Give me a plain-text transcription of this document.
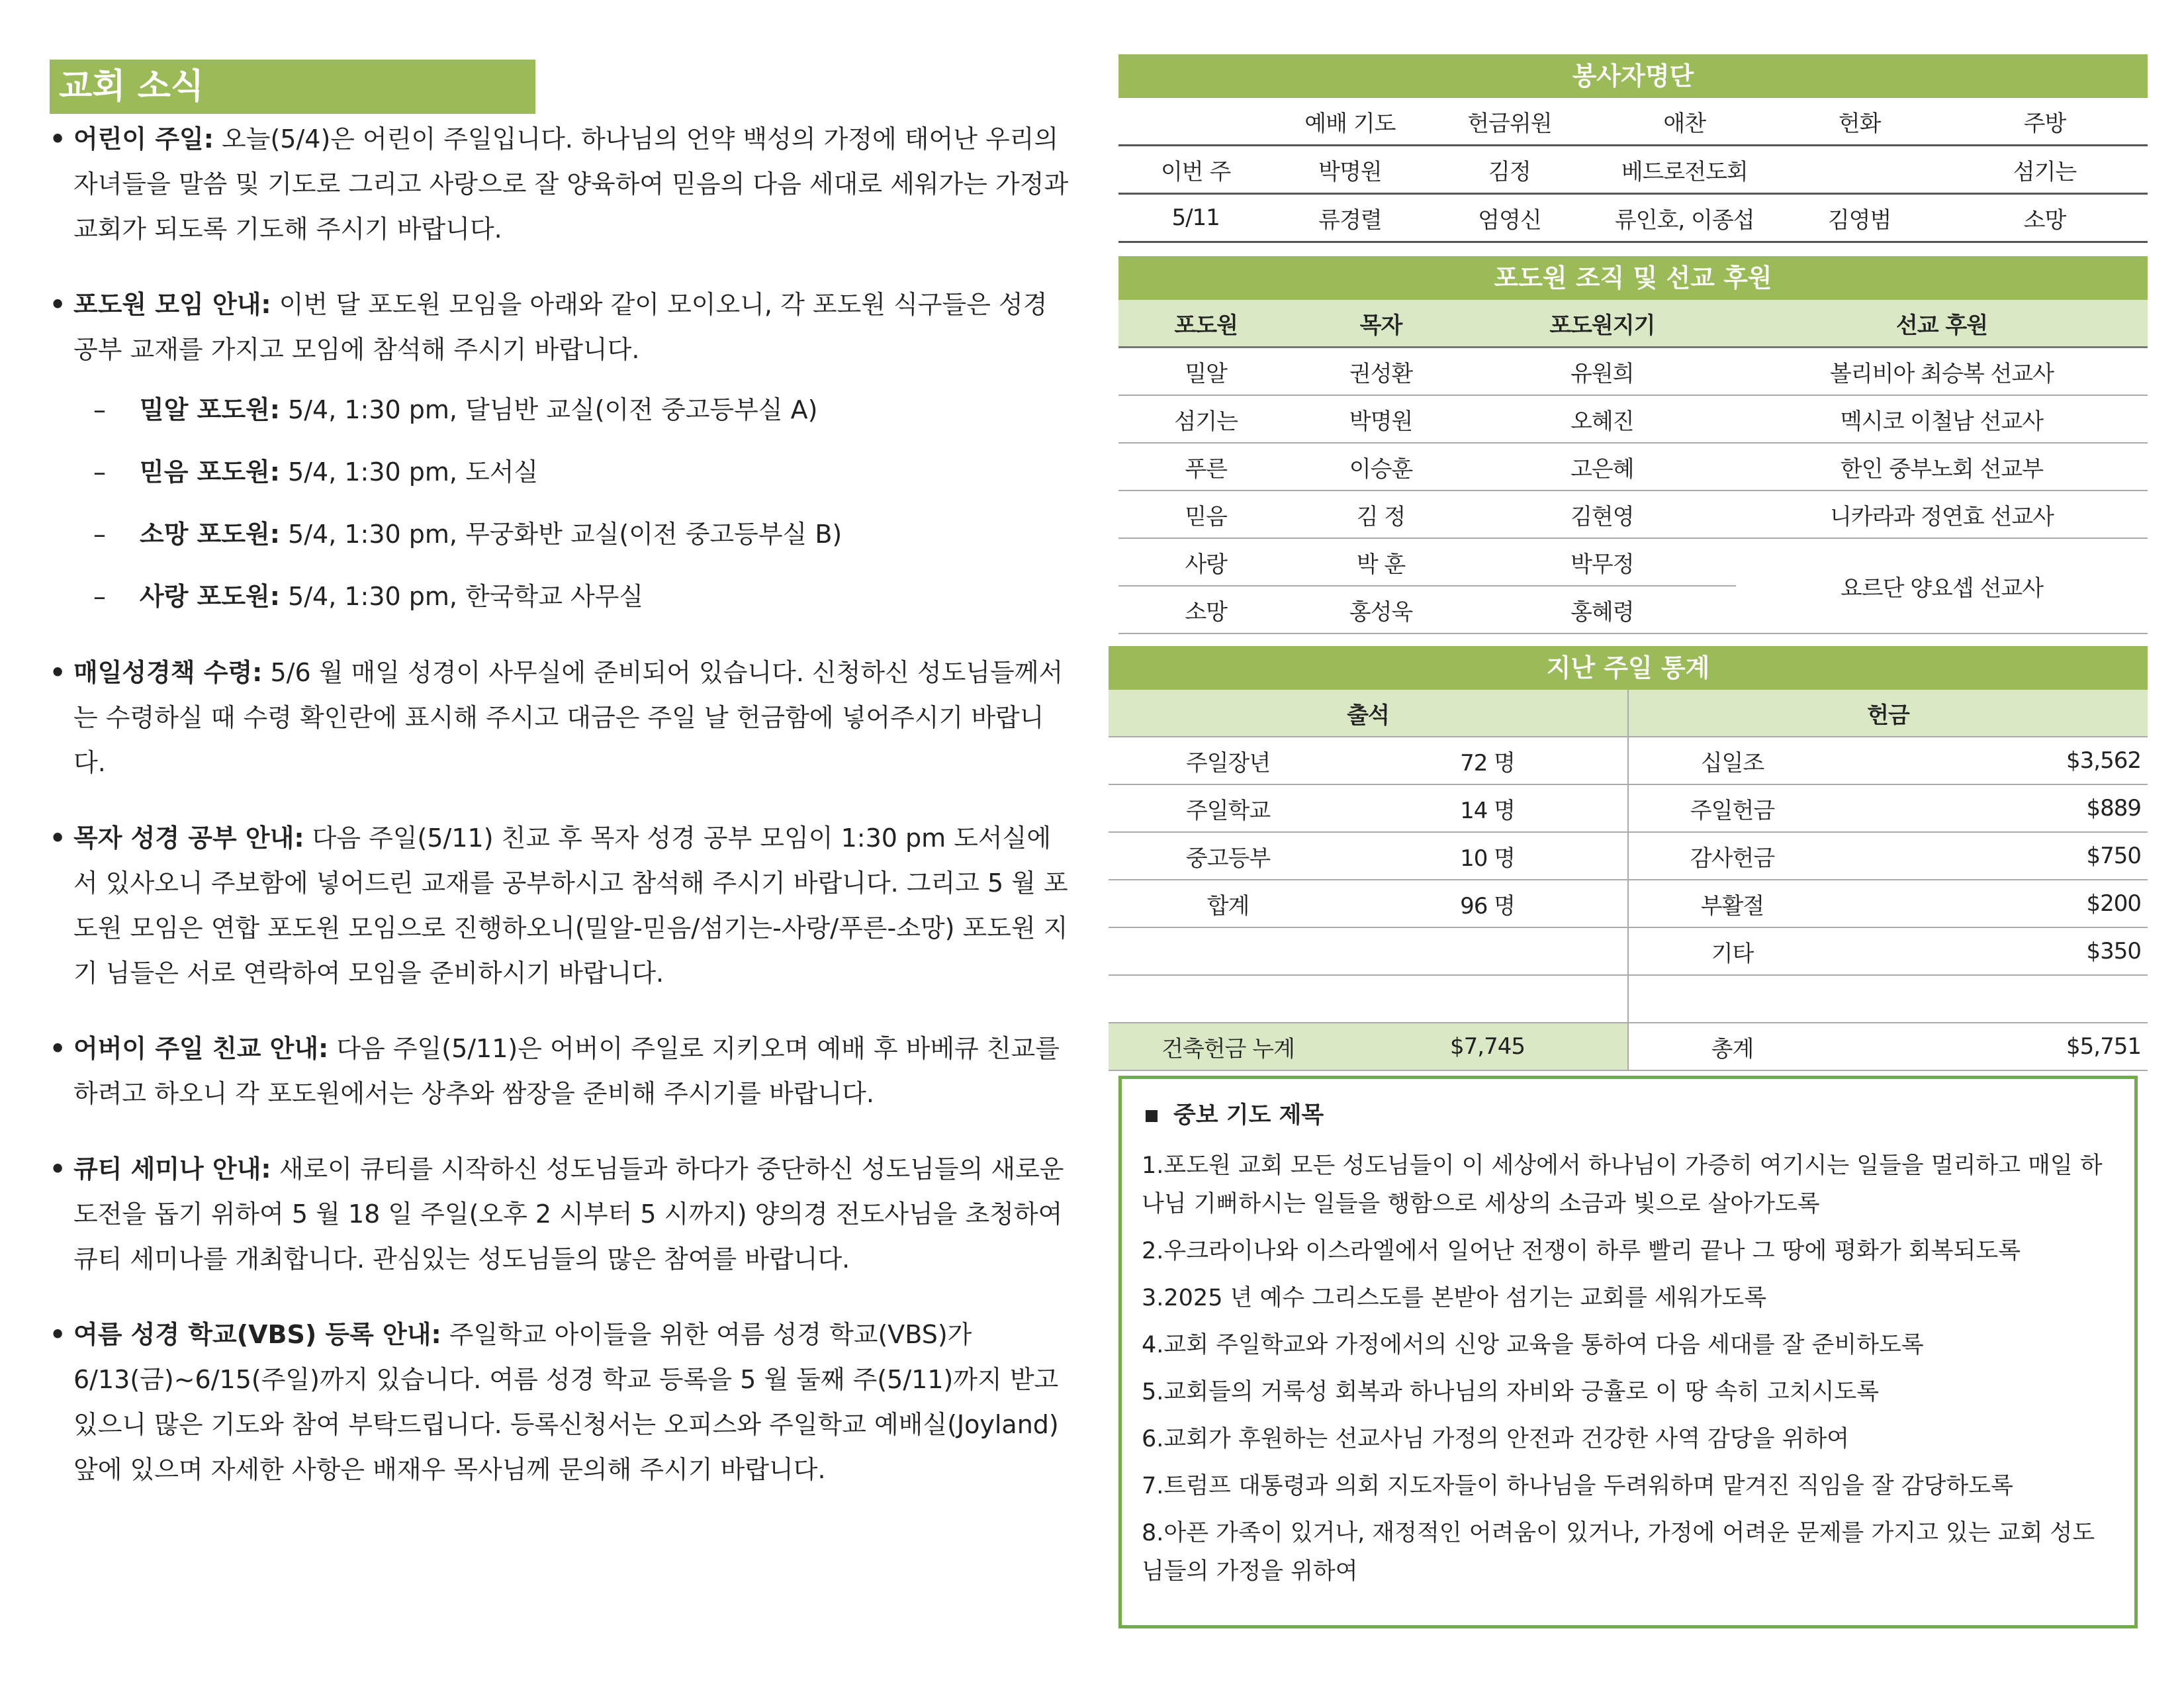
교회 소식
• 어린이 주일: 오늘(5/4)은 어린이 주일입니다. 하나님의 언약 백성의 가정에 태어난 우리의 자녀들을 말씀 및 기도로 그리고 사랑으로 잘 양육하여 믿음의 다음 세대로 세워가는 가정과 교회가 되도록 기도해 주시기 바랍니다.

• 포도원 모임 안내: 이번 달 포도원 모임을 아래와 같이 모이오니, 각 포도원 식구들은 성경 공부 교재를 가지고 모임에 참석해 주시기 바랍니다.

– 밀알 포도원: 5/4, 1:30 pm, 달님반 교실(이전 중고등부실 A)
– 믿음 포도원: 5/4, 1:30 pm, 도서실
– 소망 포도원: 5/4, 1:30 pm, 무궁화반 교실(이전 중고등부실 B)
– 사랑 포도원: 5/4, 1:30 pm, 한국학교 사무실
• 매일성경책 수령: 5/6 월 매일 성경이 사무실에 준비되어 있습니다. 신청하신 성도님들께서는 수령하실 때 수령 확인란에 표시해 주시고 대금은 주일 날 헌금함에 넣어주시기 바랍니다.

• 목자 성경 공부 안내: 다음 주일(5/11) 친교 후 목자 성경 공부 모임이 1:30 pm 도서실에서 있사오니 주보함에 넣어드린 교재를 공부하시고 참석해 주시기 바랍니다. 그리고 5 월 포도원 모임은 연합 포도원 모임으로 진행하오니(밀알-믿음/섬기는-사랑/푸른-소망) 포도원 지기 님들은 서로 연락하여 모임을 준비하시기 바랍니다.

• 어버이 주일 친교 안내: 다음 주일(5/11)은 어버이 주일로 지키오며 예배 후 바베큐 친교를 하려고 하오니 각 포도원에서는 상추와 쌈장을 준비해 주시기를 바랍니다.

• 큐티 세미나 안내: 새로이 큐티를 시작하신 성도님들과 하다가 중단하신 성도님들의 새로운 도전을 돕기 위하여 5 월 18 일 주일(오후 2 시부터 5 시까지) 양의경 전도사님을 초청하여 큐티 세미나를 개최합니다. 관심있는 성도님들의 많은 참여를 바랍니다.

• 여름 성경 학교(VBS) 등록 안내: 주일학교 아이들을 위한 여름 성경 학교(VBS)가 6/13(금)~6/15(주일)까지 있습니다. 여름 성경 학교 등록을 5 월 둘째 주(5/11)까지 받고 있으니 많은 기도와 참여 부탁드립니다. 등록신청서는 오피스와 주일학교 예배실(Joyland) 앞에 있으며 자세한 사항은 배재우 목사님께 문의해 주시기 바랍니다.

봉사자명단
	예배 기도	헌금위원	애찬	헌화	주방
이번 주	박명원	김정	베드로전도회		섬기는
5/11	류경렬	엄영신	류인호, 이종섭	김영범	소망
포도원 조직 및 선교 후원
포도원	목자	포도원지기	선교 후원
밀알	권성환	유원희	볼리비아 최승복 선교사
섬기는	박명원	오혜진	멕시코 이철남 선교사
푸른	이승훈	고은혜	한인 중부노회 선교부
믿음	김 정	김현영	니카라과 정연효 선교사
사랑	박 훈	박무정	요르단 양요셉 선교사
소망	홍성욱	홍혜령	
지난 주일 통계
출석		헌금	
주일장년	72 명	십일조	$3,562
주일학교	14 명	주일헌금	$889
중고등부	10 명	감사헌금	$750
합계	96 명	부활절	$200
		기타	$350

건축헌금 누계	$7,745	총계	$5,751
중보 기도 제목
1.포도원 교회 모든 성도님들이 이 세상에서 하나님이 가증히 여기시는 일들을 멀리하고 매일 하나님 기뻐하시는 일들을 행함으로 세상의 소금과 빛으로 살아가도록
2.우크라이나와 이스라엘에서 일어난 전쟁이 하루 빨리 끝나 그 땅에 평화가 회복되도록
3.2025 년 예수 그리스도를 본받아 섬기는 교회를 세워가도록
4.교회 주일학교와 가정에서의 신앙 교육을 통하여 다음 세대를 잘 준비하도록
5.교회들의 거룩성 회복과 하나님의 자비와 긍휼로 이 땅 속히 고치시도록
6.교회가 후원하는 선교사님 가정의 안전과 건강한 사역 감당을 위하여
7.트럼프 대통령과 의회 지도자들이 하나님을 두려워하며 맡겨진 직임을 잘 감당하도록
8.아픈 가족이 있거나, 재정적인 어려움이 있거나, 가정에 어려운 문제를 가지고 있는 교회 성도님들의 가정을 위하여
